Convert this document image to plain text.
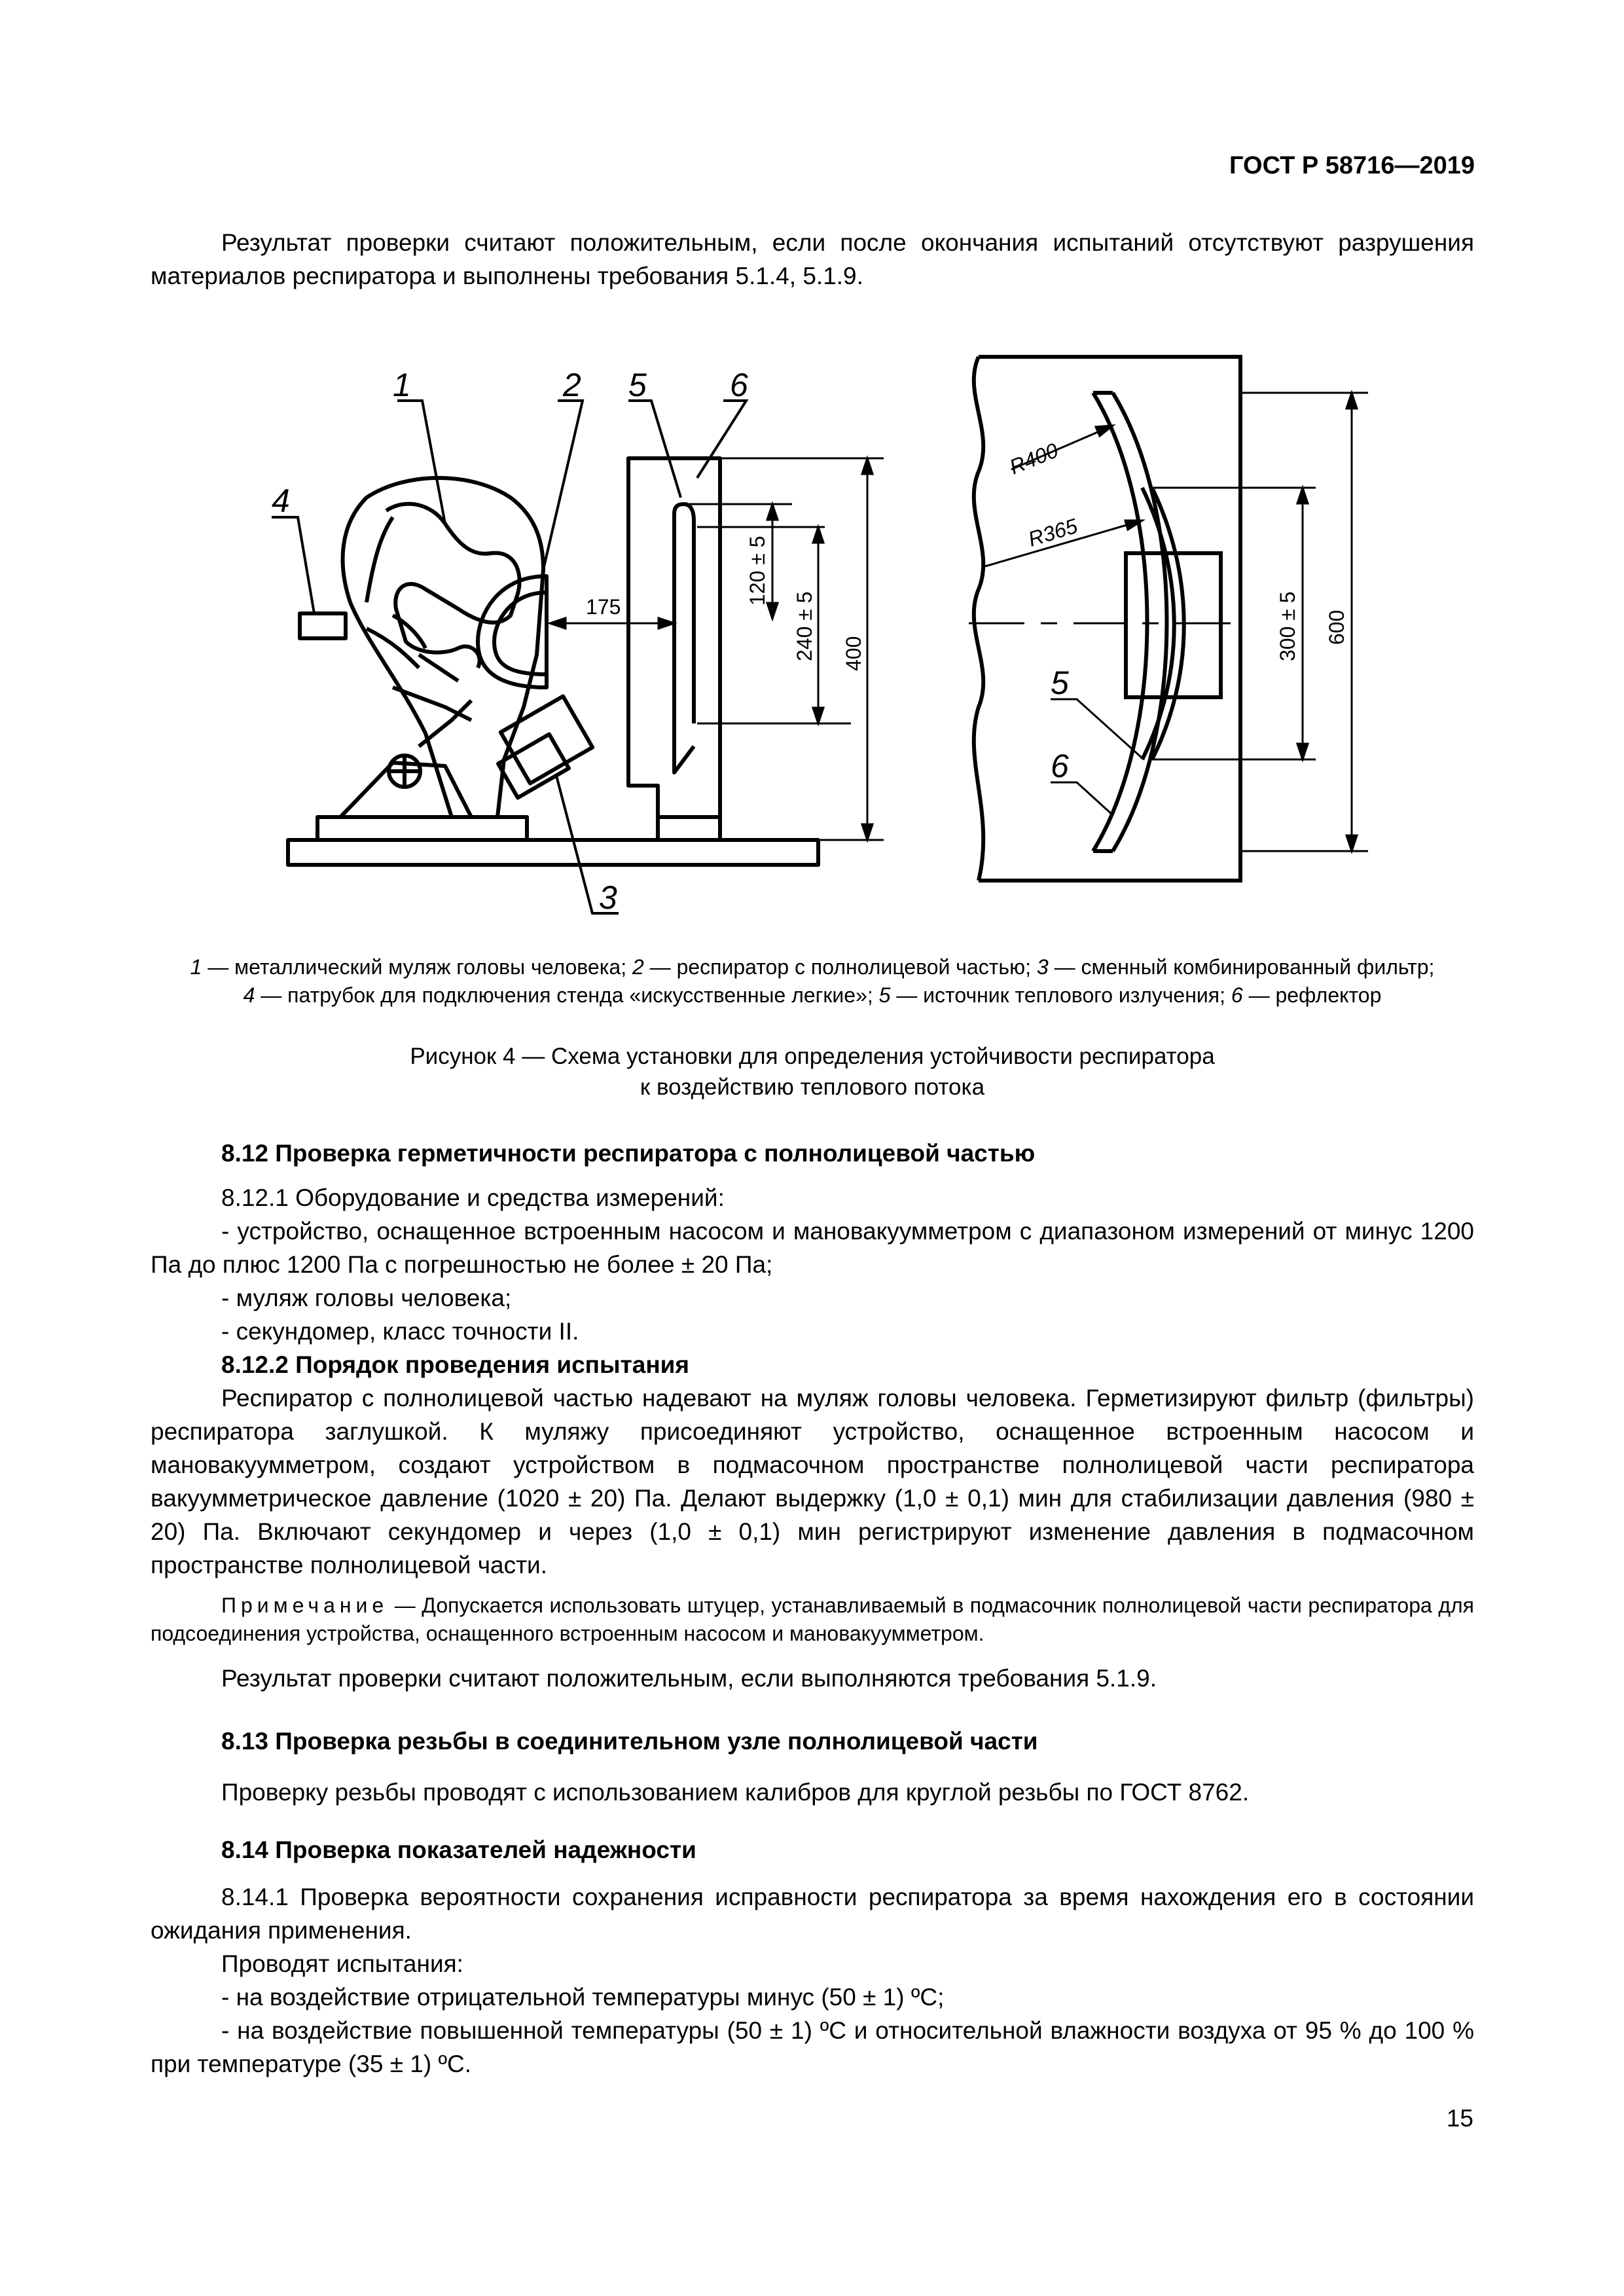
ГОСТ Р 58716—2019

Результат проверки считают положительным, если после окончания испытаний отсутствуют разрушения материалов респиратора и выполнены требования 5.1.4, 5.1.9.

1	2 5	6
4
3
5
6
175
120 ± 5
240 ± 5 400
R400
R365
300 ± 5 600
1 — металлический муляж головы человека; 2 — респиратор с полнолицевой частью; 3 — сменный комбинированный фильтр;
4 — патрубок для подключения стенда «искусственные легкие»; 5 — источник теплового излучения; 6 — рефлектор
Рисунок 4 — Схема установки для определения устойчивости респиратора
к воздействию теплового потока

8.12 Проверка герметичности респиратора с полнолицевой частью

8.12.1 Оборудование и средства измерений:

- устройство, оснащенное встроенным насосом и мановакуумметром с диапазоном измерений от минус 1200 Па до плюс 1200 Па с погрешностью не более ± 20 Па;

- муляж головы человека;

- секундомер, класс точности II.

8.12.2 Порядок проведения испытания

Респиратор с полнолицевой частью надевают на муляж головы человека. Герметизируют фильтр (фильтры) респиратора заглушкой. К муляжу присоединяют устройство, оснащенное встроенным насосом и мановакуумметром, создают устройством в подмасочном пространстве полнолицевой части респиратора вакуумметрическое давление (1020 ± 20) Па. Делают выдержку (1,0 ± 0,1) мин для стабилизации давления (980 ± 20) Па. Включают секундомер и через (1,0 ± 0,1) мин регистрируют изменение давления в подмасочном пространстве полнолицевой части.

Примечание — Допускается использовать штуцер, устанавливаемый в подмасочник полнолицевой части респиратора для подсоединения устройства, оснащенного встроенным насосом и мановакуумметром.

Результат проверки считают положительным, если выполняются требования 5.1.9.

8.13 Проверка резьбы в соединительном узле полнолицевой части

Проверку резьбы проводят с использованием калибров для круглой резьбы по ГОСТ 8762.

8.14 Проверка показателей надежности

8.14.1 Проверка вероятности сохранения исправности респиратора за время нахождения его в состоянии ожидания применения.

Проводят испытания:

- на воздействие отрицательной температуры минус (50 ± 1) ºС;

- на воздействие повышенной температуры (50 ± 1) ºС и относительной влажности воздуха от 95 % до 100 % при температуре (35 ± 1) ºС.

15
